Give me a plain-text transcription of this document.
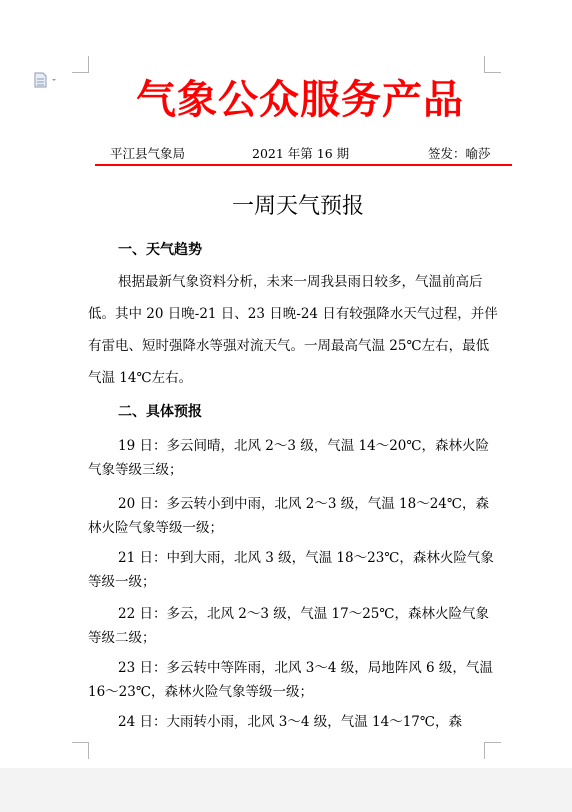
气象公众服务产品
平江县气象局	2021 年第 16 期	签发：喻莎
一周天气预报
一、天气趋势

根据最新气象资料分析，未来一周我县雨日较多，气温前高后低。其中 20 日晚-21 日、23 日晚-24 日有较强降水天气过程，并伴有雷电、短时强降水等强对流天气。一周最高气温 25℃左右，最低气温 14℃左右。

二、具体预报

19 日：多云间晴，北风 2～3 级，气温 14～20℃，森林火险气象等级三级；

20 日：多云转小到中雨，北风 2～3 级，气温 18～24℃，森林火险气象等级一级；

21 日：中到大雨，北风 3 级，气温 18～23℃，森林火险气象等级一级；

22 日：多云，北风 2～3 级，气温 17～25℃，森林火险气象等级二级；

23 日：多云转中等阵雨，北风 3～4 级，局地阵风 6 级，气温 16～23℃，森林火险气象等级一级；

24 日：大雨转小雨，北风 3～4 级，气温 14～17℃，森
